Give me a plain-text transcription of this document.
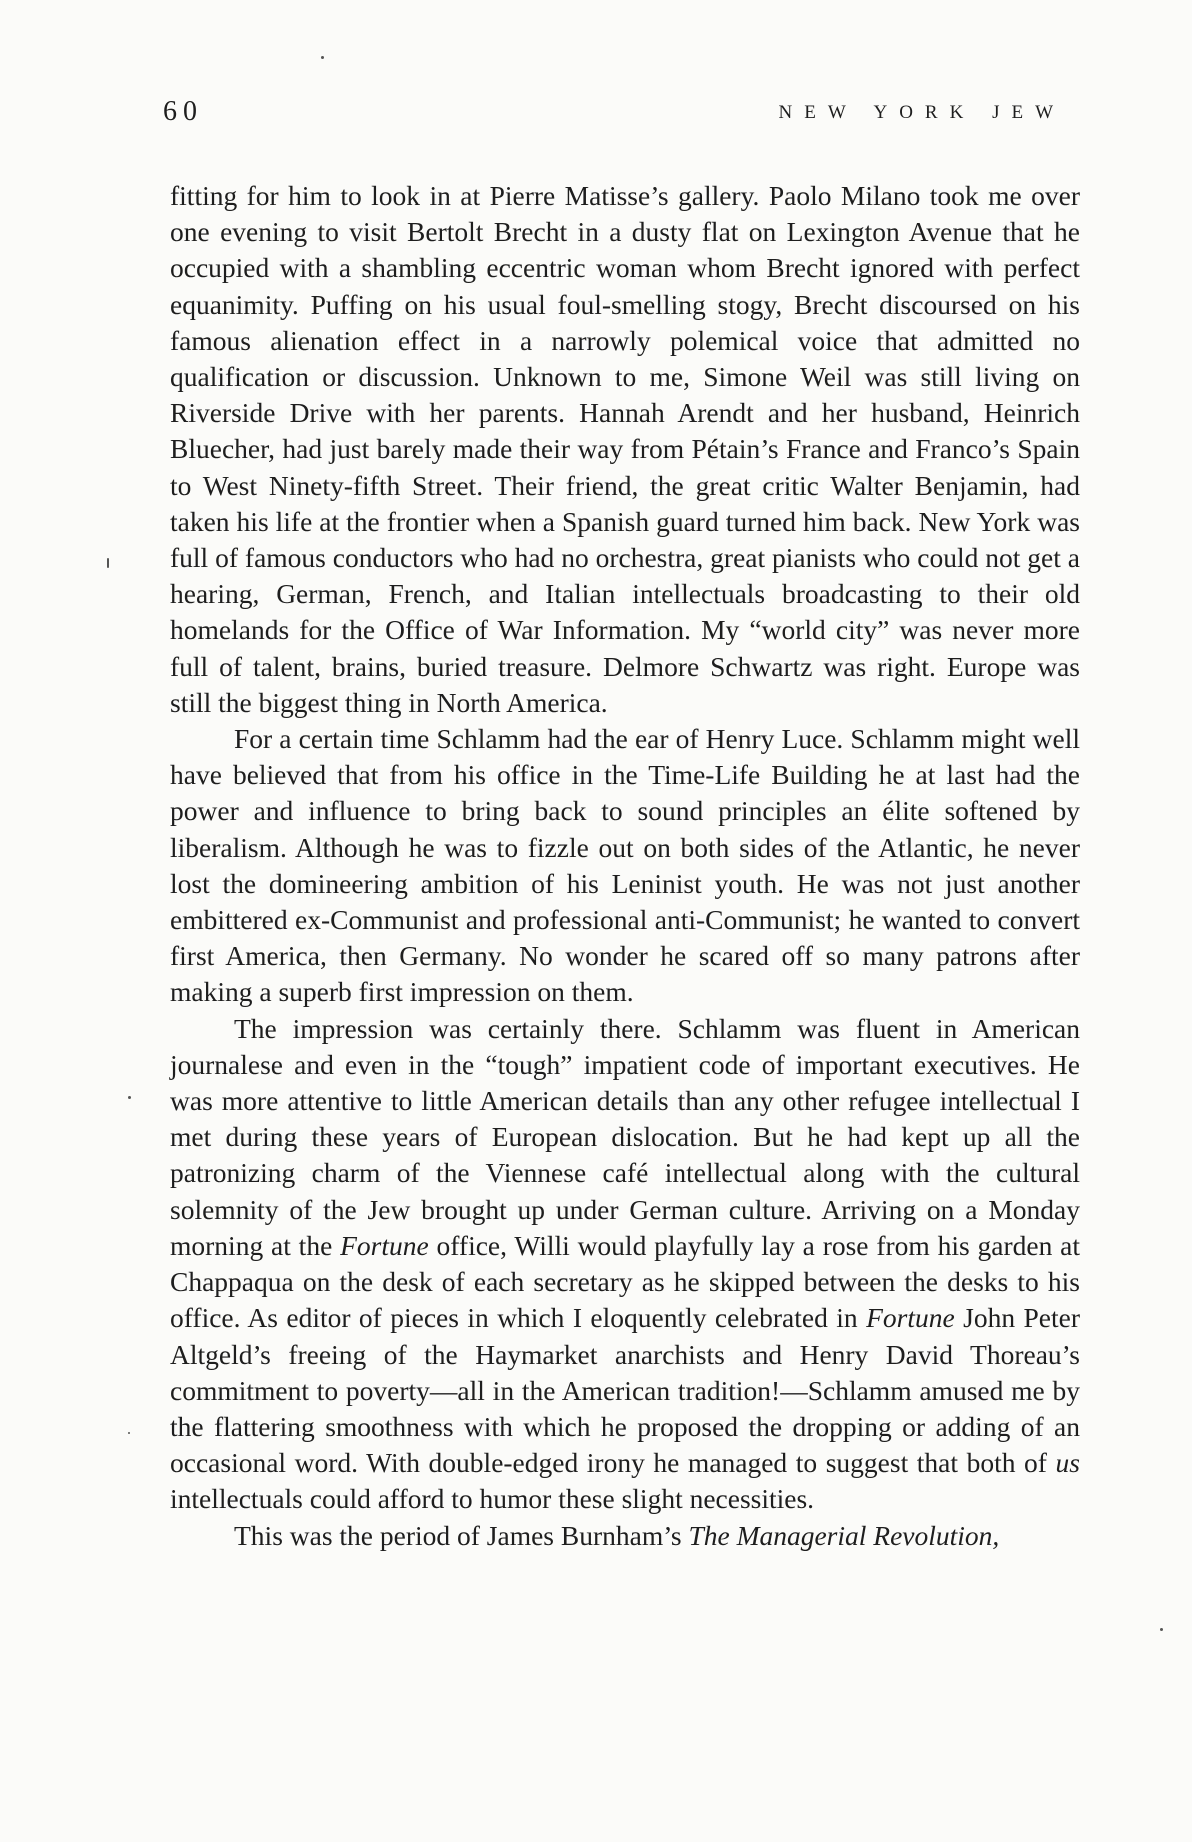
60	NEW YORK JEW

fitting for him to look in at Pierre Matisse’s gallery. Paolo Milano took me over one evening to visit Bertolt Brecht in a dusty flat on Lexington Avenue that he occupied with a shambling eccentric woman whom Brecht ignored with perfect equanimity. Puffing on his usual foul-smelling stogy, Brecht discoursed on his famous alienation effect in a narrowly polemical voice that admitted no qualification or discussion. Unknown to me, Simone Weil was still living on Riverside Drive with her parents. Hannah Arendt and her husband, Heinrich Bluecher, had just barely made their way from Pétain’s France and Franco’s Spain to West Ninety-fifth Street. Their friend, the great critic Walter Benjamin, had taken his life at the frontier when a Spanish guard turned him back. New York was full of famous conductors who had no orchestra, great pianists who could not get a hearing, German, French, and Italian intellectuals broadcasting to their old homelands for the Office of War Information. My “world city” was never more full of talent, brains, buried treasure. Delmore Schwartz was right. Europe was still the biggest thing in North America.

For a certain time Schlamm had the ear of Henry Luce. Schlamm might well have believed that from his office in the Time-Life Building he at last had the power and influence to bring back to sound principles an élite softened by liberalism. Although he was to fizzle out on both sides of the Atlantic, he never lost the domineering ambition of his Leninist youth. He was not just another embittered ex-Communist and professional anti-Communist; he wanted to convert first America, then Germany. No wonder he scared off so many patrons after making a superb first impression on them.

The impression was certainly there. Schlamm was fluent in American journalese and even in the “tough” impatient code of important executives. He was more attentive to little American details than any other refugee intellectual I met during these years of European dislocation. But he had kept up all the patronizing charm of the Viennese café intellectual along with the cultural solemnity of the Jew brought up under German culture. Arriving on a Monday morning at the Fortune office, Willi would playfully lay a rose from his garden at Chappaqua on the desk of each secretary as he skipped between the desks to his office. As editor of pieces in which I eloquently celebrated in Fortune John Peter Altgeld’s freeing of the Haymarket anarchists and Henry David Thoreau’s commitment to poverty—all in the American tradition!—Schlamm amused me by the flattering smoothness with which he proposed the dropping or adding of an occasional word. With double-edged irony he managed to suggest that both of us intellectuals could afford to humor these slight necessities.

This was the period of James Burnham’s The Managerial Revolution,
